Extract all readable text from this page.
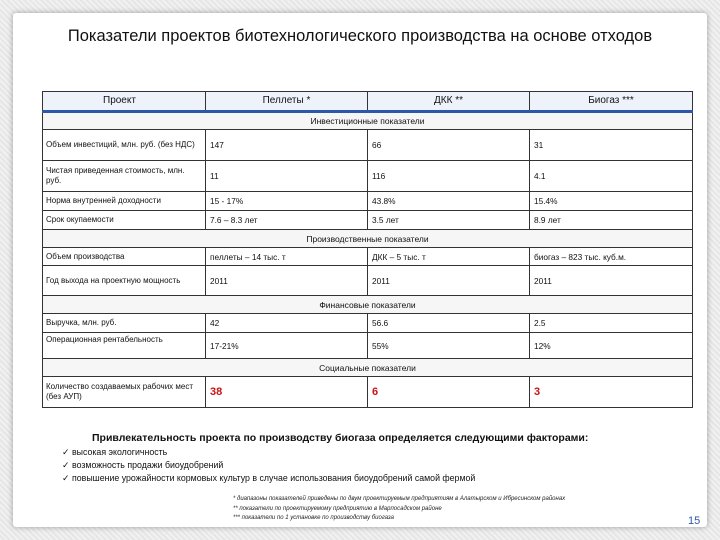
Показатели проектов биотехнологического производства на основе отходов
Проект	Пеллеты *	ДКК **	Биогаз ***
Инвестиционные показатели			
Объем инвестиций, млн. руб. (без НДС)	147	66	31
Чистая приведенная стоимость, млн. руб.	11	116	4.1
Норма внутренней доходности	15 - 17%	43.8%	15.4%
Срок окупаемости	7.6 – 8.3 лет	3.5 лет	8.9 лет
Производственные показатели			
Объем производства	пеллеты – 14 тыс. т	ДКК – 5 тыс. т	биогаз – 823 тыс. куб.м.
Год выхода на проектную мощность	2011	2011	2011
Финансовые показатели			
Выручка, млн. руб.	42	56.6	2.5
Операционная рентабельность	17-21%	55%	12%
Социальные показатели			
Количество создаваемых рабочих мест (без АУП)	38	6	3
Привлекательность проекта по производству биогаза определяется следующими факторами:
✓ высокая экологичность
✓ возможность продажи биоудобрений
✓ повышение урожайности кормовых культур в случае использования биоудобрений самой фермой
* диапазоны показателей приведены по двум проектируемым предприятиям в Алатырском и Ибресинском районах
** показатели по проектируемому предприятию в Марпосадском районе
*** показатели по 1 установке по производству биогаза	15
